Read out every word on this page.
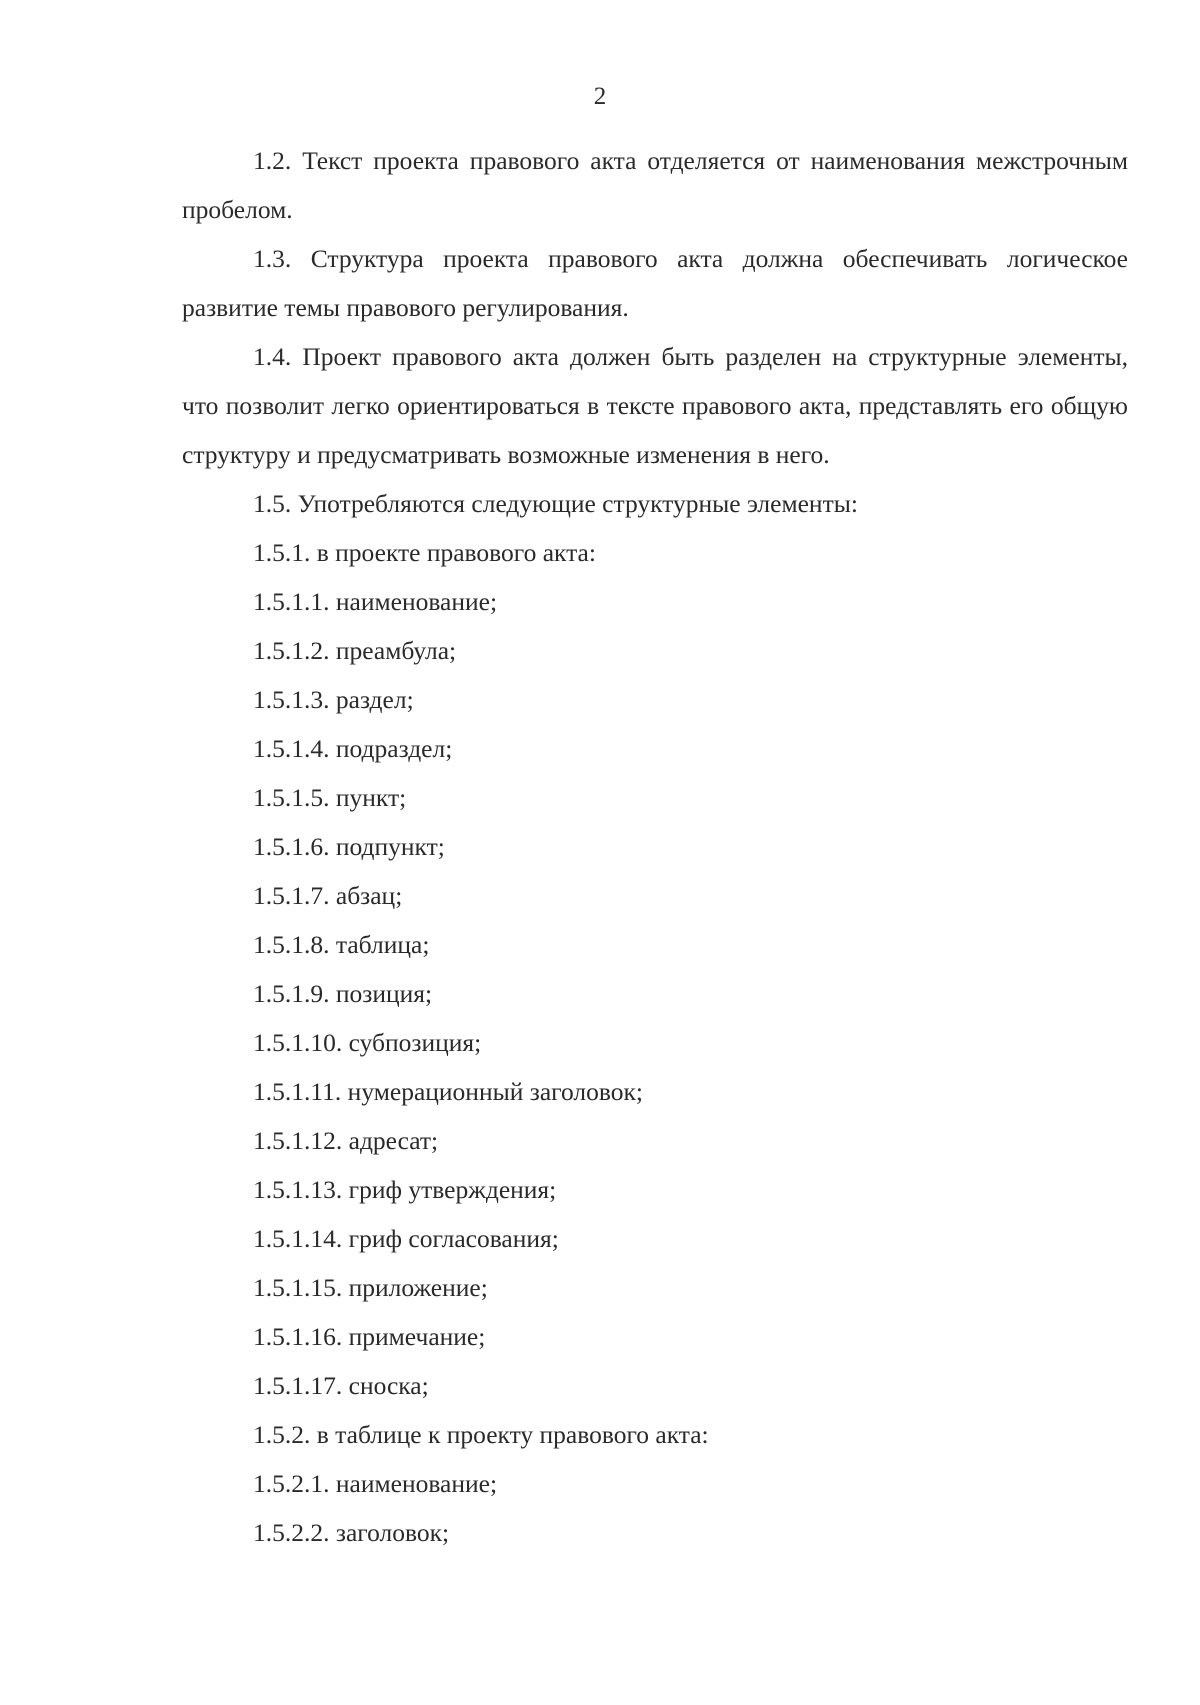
2

1.2. Текст проекта правового акта отделяется от наименования межстрочным пробелом.

1.3. Структура проекта правового акта должна обеспечивать логическое развитие темы правового регулирования.

1.4. Проект правового акта должен быть разделен на структурные элементы, что позволит легко ориентироваться в тексте правового акта, представлять его общую структуру и предусматривать возможные изменения в него.

1.5. Употребляются следующие структурные элементы:

1.5.1. в проекте правового акта:

1.5.1.1. наименование;

1.5.1.2. преамбула;

1.5.1.3. раздел;

1.5.1.4. подраздел;

1.5.1.5. пункт;

1.5.1.6. подпункт;

1.5.1.7. абзац;

1.5.1.8. таблица;

1.5.1.9. позиция;

1.5.1.10. субпозиция;

1.5.1.11. нумерационный заголовок;

1.5.1.12. адресат;

1.5.1.13. гриф утверждения;

1.5.1.14. гриф согласования;

1.5.1.15. приложение;

1.5.1.16. примечание;

1.5.1.17. сноска;

1.5.2. в таблице к проекту правового акта:

1.5.2.1. наименование;

1.5.2.2. заголовок;
